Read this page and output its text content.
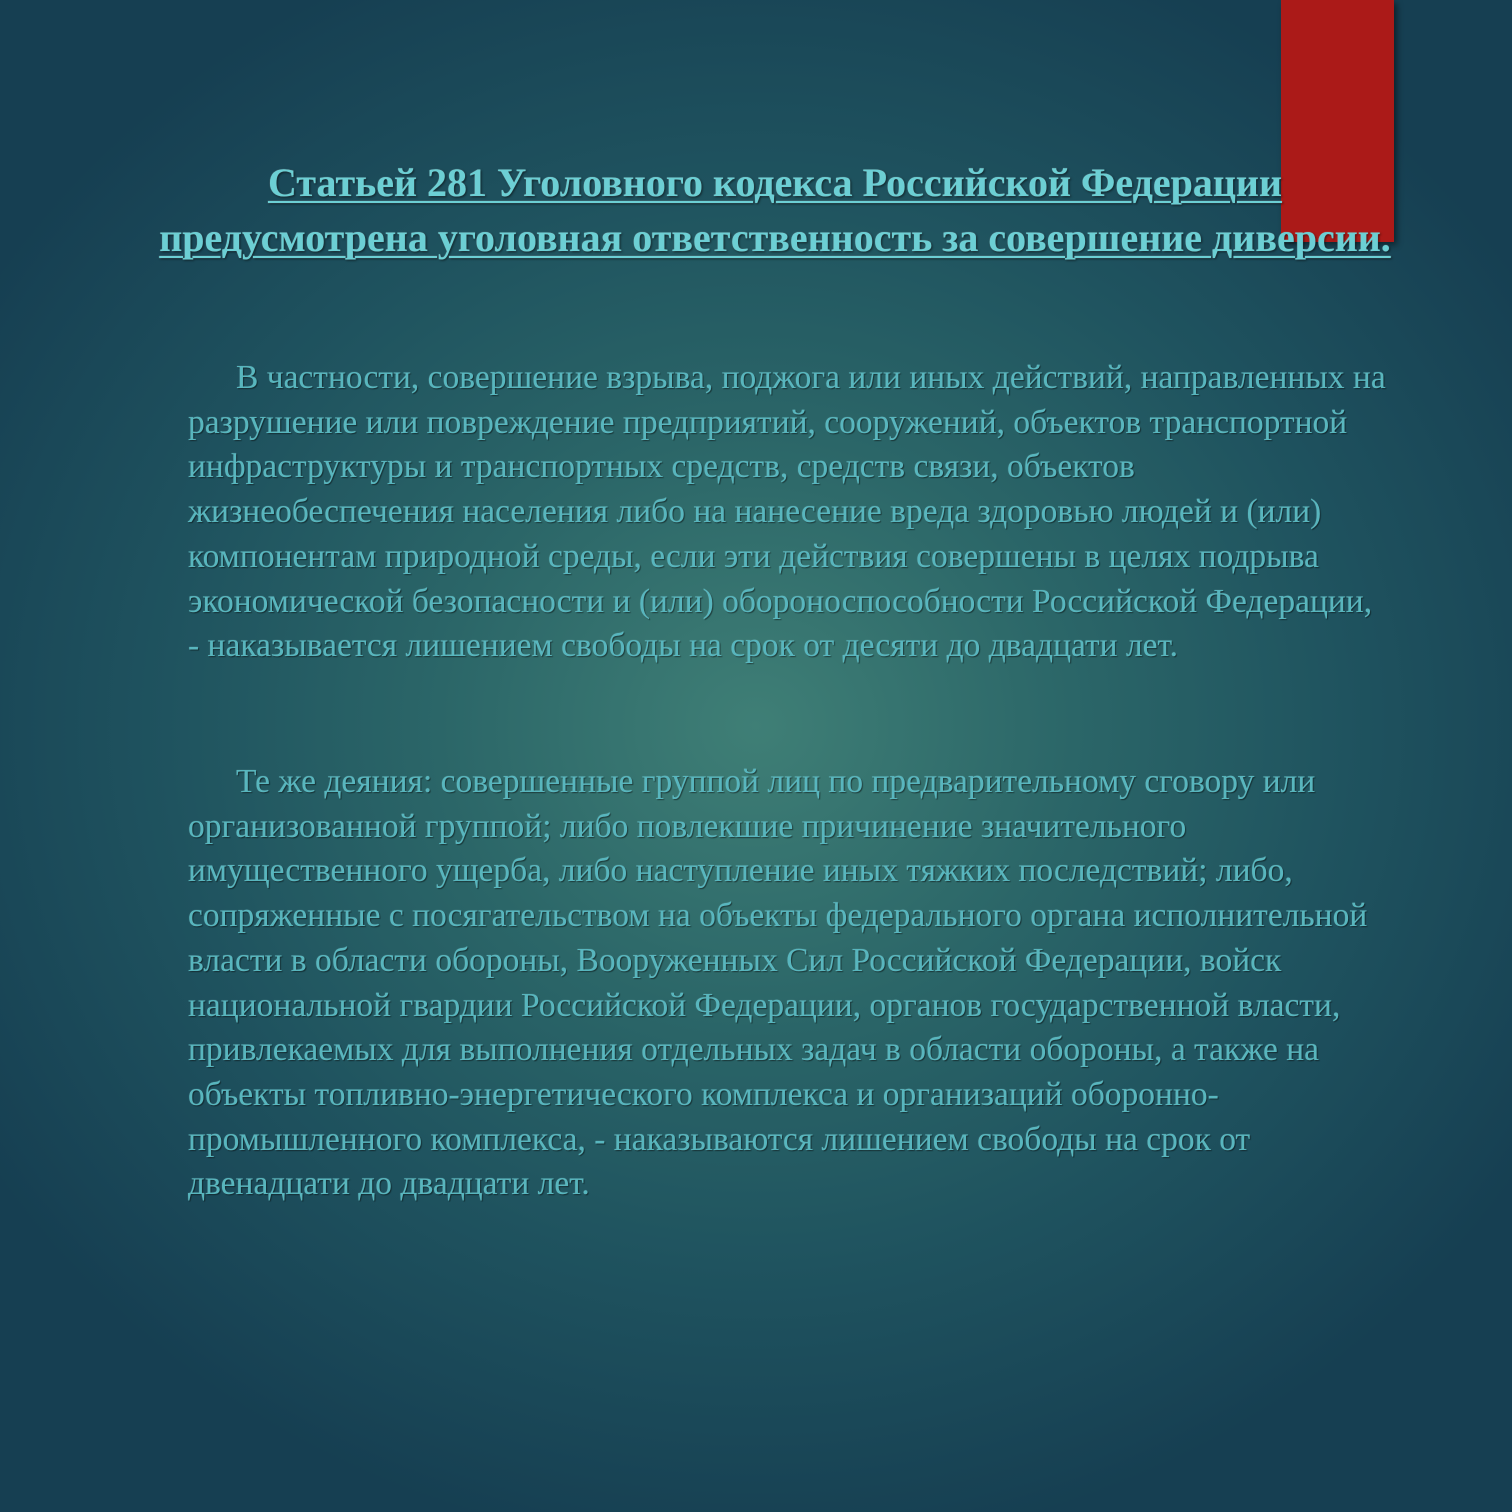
Статьей 281 Уголовного кодекса Российской Федерации предусмотрена уголовная ответственность за совершение диверсии.

В частности, совершение взрыва, поджога или иных действий, направленных на разрушение или повреждение предприятий, сооружений, объектов транспортной инфраструктуры и транспортных средств, средств связи, объектов жизнеобеспечения населения либо на нанесение вреда здоровью людей и (или) компонентам природной среды, если эти действия совершены в целях подрыва экономической безопасности и (или) обороноспособности Российской Федерации, - наказывается лишением свободы на срок от десяти до двадцати лет.

Те же деяния: совершенные группой лиц по предварительному сговору или организованной группой; либо повлекшие причинение значительного имущественного ущерба, либо наступление иных тяжких последствий; либо, сопряженные с посягательством на объекты федерального органа исполнительной власти в области обороны, Вооруженных Сил Российской Федерации, войск национальной гвардии Российской Федерации, органов государственной власти, привлекаемых для выполнения отдельных задач в области обороны, а также на объекты топливно-энергетического комплекса и организаций оборонно-промышленного комплекса, - наказываются лишением свободы на срок от двенадцати до двадцати лет.
